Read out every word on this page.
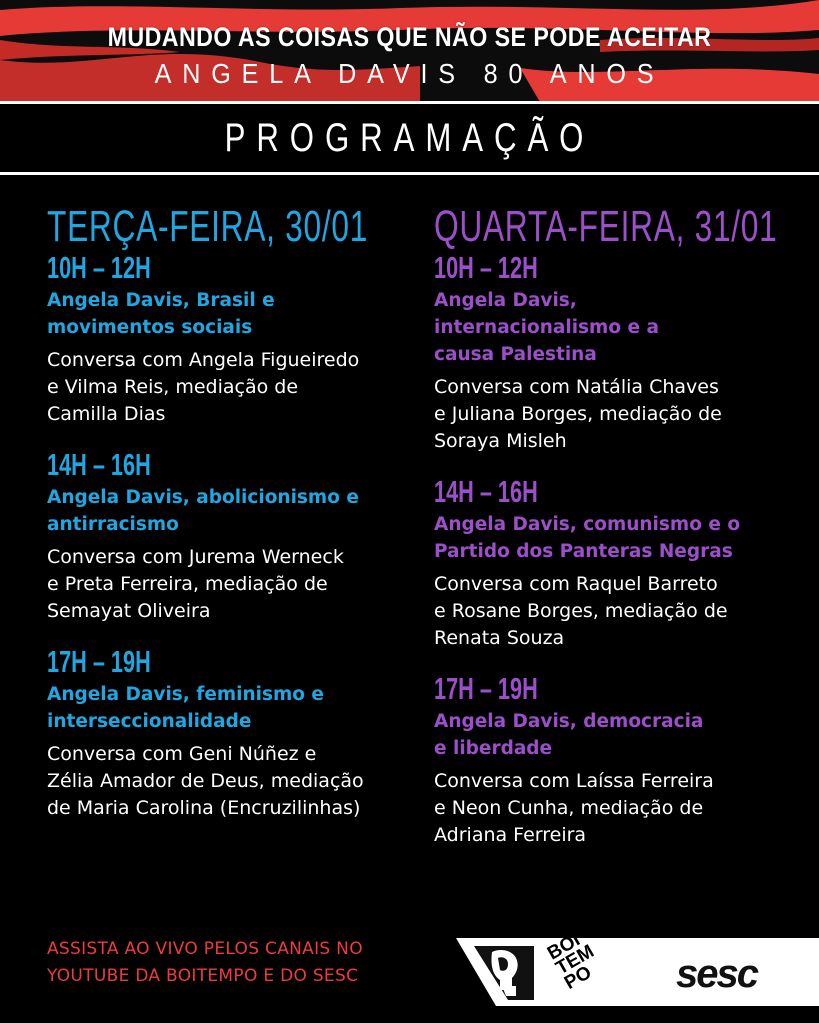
MUDANDO AS COISAS QUE NÃO SE PODE ACEITAR
ANGELA DAVIS 80 ANOS
PROGRAMAÇÃO
TERÇA-FEIRA, 30/01
10H – 12H
Angela Davis, Brasil e
movimentos sociais
Conversa com Angela Figueiredo
e Vilma Reis, mediação de
Camilla Dias
14H – 16H
Angela Davis, abolicionismo e
antirracismo
Conversa com Jurema Werneck
e Preta Ferreira, mediação de
Semayat Oliveira
17H – 19H
Angela Davis, feminismo e
interseccionalidade
Conversa com Geni Núñez e
Zélia Amador de Deus, mediação
de Maria Carolina (Encruzilinhas)
QUARTA-FEIRA, 31/01
10H – 12H
Angela Davis,
internacionalismo e a
causa Palestina
Conversa com Natália Chaves
e Juliana Borges, mediação de
Soraya Misleh
14H – 16H
Angela Davis, comunismo e o
Partido dos Panteras Negras
Conversa com Raquel Barreto
e Rosane Borges, mediação de
Renata Souza
17H – 19H
Angela Davis, democracia
e liberdade
Conversa com Laíssa Ferreira
e Neon Cunha, mediação de
Adriana Ferreira
ASSISTA AO VIVO PELOS CANAIS NO
YOUTUBE DA BOITEMPO E DO SESC
BOI
TEM
PO	sesc
